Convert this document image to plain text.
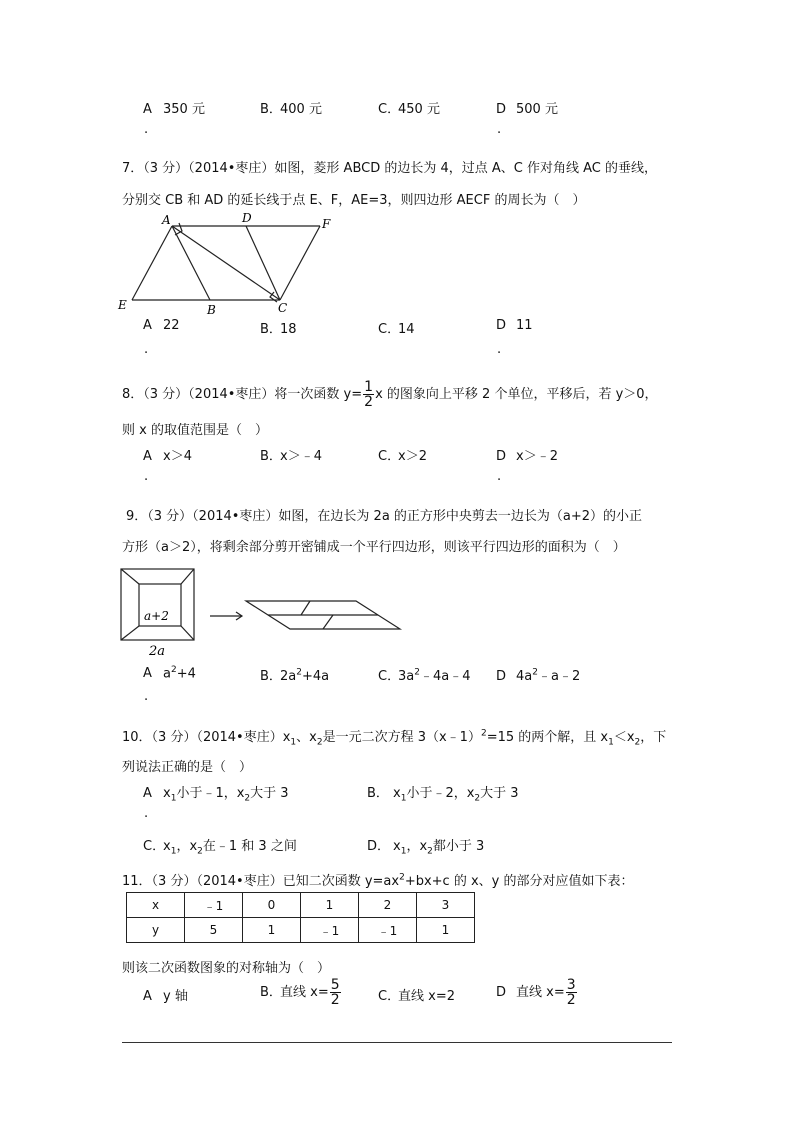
A 350 元	B．400 元	C．450 元	D 500 元
.	.
7．（3 分）（2014•枣庄）如图，菱形 ABCD 的边长为 4，过点 A、C 作对角线 AC 的垂线，
分别交 CB 和 AD 的延长线于点 E、F，AE=3，则四边形 AECF 的周长为（　）
A	D	F
E	B	C
A 22	B．18	C．14	D 11
.	.
8．（3 分）（2014•枣庄）将一次函数 $y= \frac{1}{2}$ x 的图象向上平移 2 个单位，平移后，若 y＞0，
则 x 的取值范围是（　）
A x＞4	B．x＞﹣4	C．x＞2	D x＞﹣2
.	.
9．（3 分）（2014•枣庄）如图，在边长为 2a 的正方形中央剪去一边长为（a+2）的小正
方形（a＞2），将剩余部分剪开密铺成一个平行四边形，则该平行四边形的面积为（　）
a+2
2a
A $a^2+4$	B．$2a^2+4a$	C．$3a^2﹣4a﹣4$ D $4a^2﹣a﹣2$
.
10．（3 分）（2014•枣庄）$x_1$、$x_2$是一元二次方程 3（x﹣1）$^2$=15 的两个解，且 $x_1<x_2$，下
列说法正确的是（　）
A $x_1$小于﹣1，$x_2$大于 3	B． $x_1$小于﹣2，$x_2$大于 3
.
C．$x_1$，$x_2$在﹣1 和 3 之间	D． $x_1$，$x_2$都小于 3
11．（3 分）（2014•枣庄）已知二次函数 $y=ax^2+bx+c$ 的 x、y 的部分对应值如下表：
x	﹣1	0	1	2	3
y	5	1	﹣1	﹣1	1
则该二次函数图象的对称轴为（　）
A y 轴	B．直线 $x= \frac{5}{2}$	C．直线 x=2	D 直线 $x= \frac{3}{2}$
